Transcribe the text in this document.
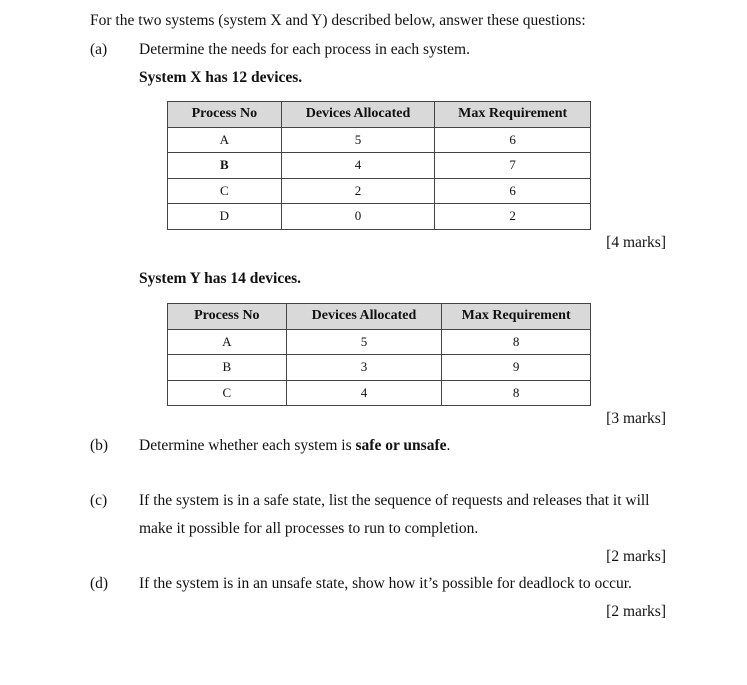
For the two systems (system X and Y) described below, answer these questions:
(a) Determine the needs for each process in each system.
System X has 12 devices.
Process No	Devices Allocated	Max Requirement
A	5	6
B	4	7
C	2	6
D	0	2
[4 marks]
System Y has 14 devices.
Process No	Devices Allocated	Max Requirement
A	5	8
B	3	9
C	4	8
[3 marks]
(b) Determine whether each system is safe or unsafe.
(c) If the system is in a safe state, list the sequence of requests and releases that it will
make it possible for all processes to run to completion.
[2 marks]
(d) If the system is in an unsafe state, show how it’s possible for deadlock to occur.
[2 marks]
